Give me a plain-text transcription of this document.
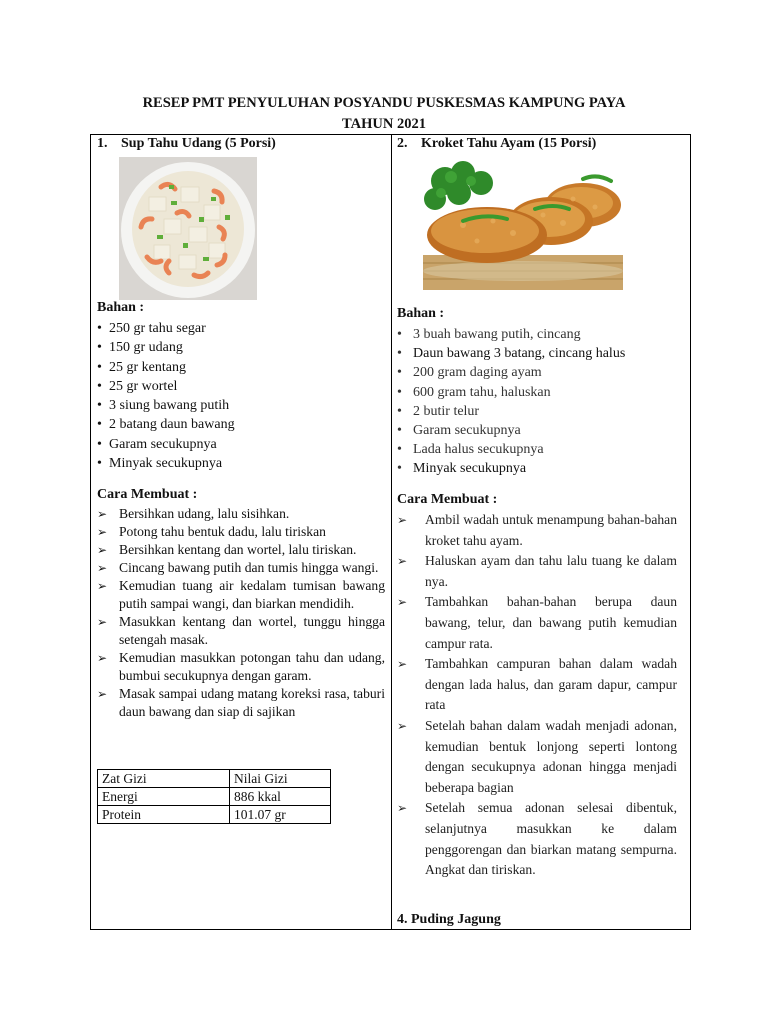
RESEP PMT PENYULUHAN POSYANDU PUSKESMAS KAMPUNG PAYA
TAHUN 2021
1. Sup Tahu Udang (5 Porsi)
Bahan :
• 250 gr tahu segar
• 150 gr udang
• 25 gr kentang
• 25 gr wortel
• 3 siung bawang putih
• 2 batang daun bawang
• Garam secukupnya
• Minyak secukupnya
Cara Membuat :
➢ Bersihkan udang, lalu sisihkan.
➢ Potong tahu bentuk dadu, lalu tiriskan
➢ Bersihkan kentang dan wortel, lalu tiriskan.
➢ Cincang bawang putih dan tumis hingga wangi.
➢ Kemudian tuang air kedalam tumisan bawang putih sampai wangi, dan biarkan mendidih.
➢ Masukkan kentang dan wortel, tunggu hingga setengah masak.
➢ Kemudian masukkan potongan tahu dan udang, bumbui secukupnya dengan garam.
➢ Masak sampai udang matang koreksi rasa, taburi daun bawang dan siap di sajikan
Zat Gizi	Nilai Gizi
Energi	886 kkal
Protein	101.07 gr
2. Kroket Tahu Ayam (15 Porsi)
Bahan :
• 3 buah bawang putih, cincang
• Daun bawang 3 batang, cincang halus
• 200 gram daging ayam
• 600 gram tahu, haluskan
• 2 butir telur
• Garam secukupnya
• Lada halus secukupnya
• Minyak secukupnya
Cara Membuat :
➢ Ambil wadah untuk menampung bahan-bahan kroket tahu ayam.
➢ Haluskan ayam dan tahu lalu tuang ke dalam nya.
➢ Tambahkan bahan-bahan berupa daun bawang, telur, dan bawang putih kemudian campur rata.
➢ Tambahkan campuran bahan dalam wadah dengan lada halus, dan garam dapur, campur rata
➢ Setelah bahan dalam wadah menjadi adonan, kemudian bentuk lonjong seperti lontong dengan secukupnya adonan hingga menjadi beberapa bagian
➢ Setelah semua adonan selesai dibentuk, selanjutnya masukkan ke dalam penggorengan dan biarkan matang sempurna. Angkat dan tiriskan.
4. Puding Jagung
